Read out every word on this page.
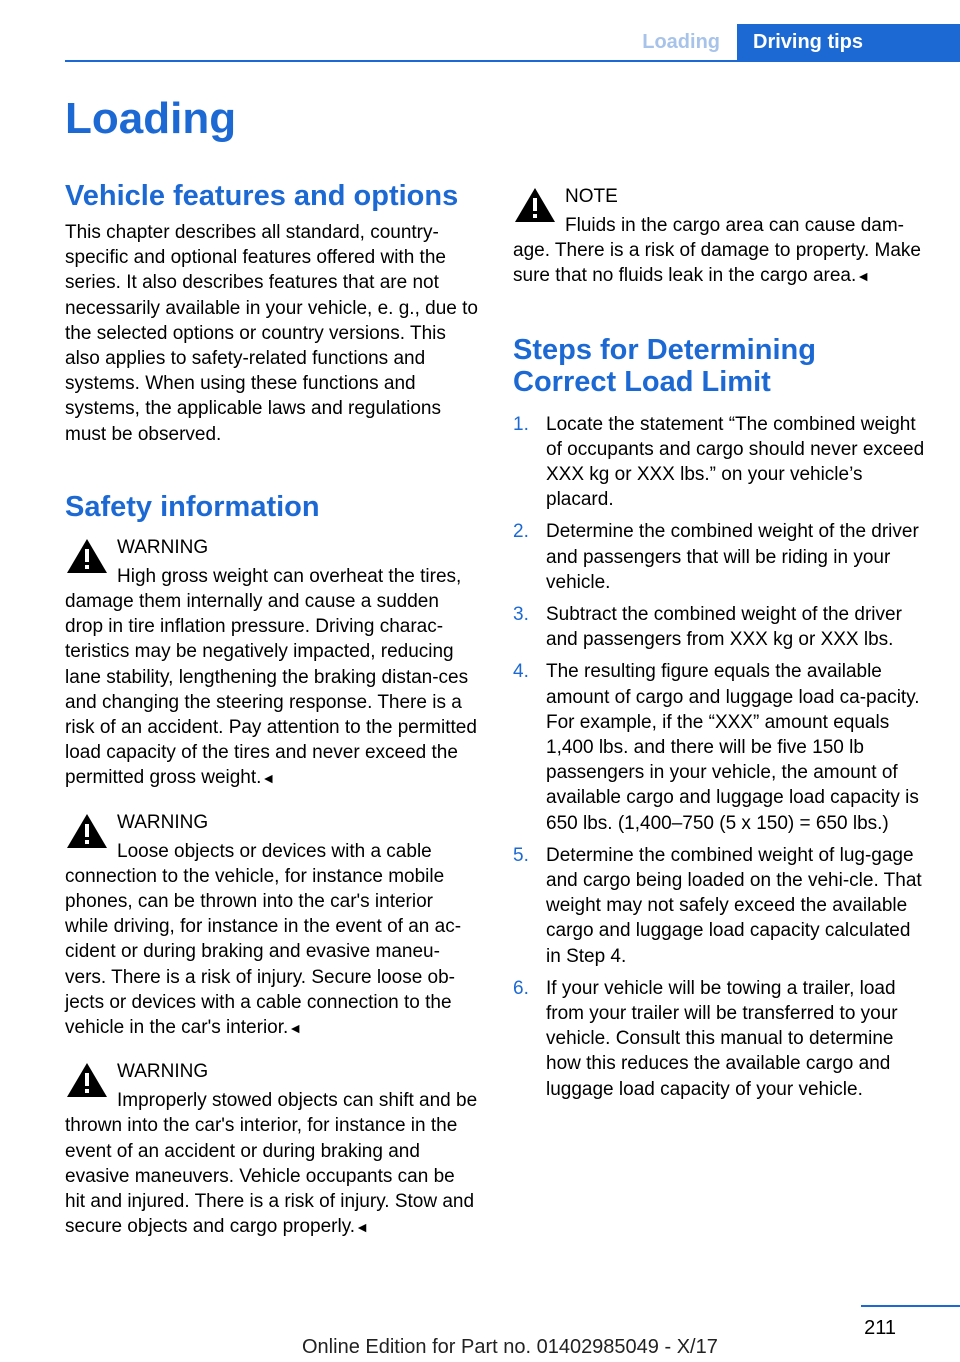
Loading	Driving tips
Loading
Vehicle features and options

This chapter describes all standard, country-specific and optional features offered with the series. It also describes features that are not necessarily available in your vehicle, e. g., due to the selected options or country versions. This also applies to safety-related functions and systems. When using these functions and systems, the applicable laws and regulations must be observed.

Safety information
WARNING
High gross weight can overheat the tires, damage them internally and cause a sudden drop in tire inflation pressure. Driving charac-teristics may be negatively impacted, reducing lane stability, lengthening the braking distan-ces and changing the steering response. There is a risk of an accident. Pay attention to the permitted load capacity of the tires and never exceed the permitted gross weight.◄
WARNING
Loose objects or devices with a cable connection to the vehicle, for instance mobile phones, can be thrown into the car's interior while driving, for instance in the event of an ac-cident or during braking and evasive maneu-vers. There is a risk of injury. Secure loose ob-jects or devices with a cable connection to the vehicle in the car's interior.◄
WARNING
Improperly stowed objects can shift and be thrown into the car's interior, for instance in the event of an accident or during braking and evasive maneuvers. Vehicle occupants can be hit and injured. There is a risk of injury. Stow and secure objects and cargo properly.◄
NOTE
Fluids in the cargo area can cause dam-age. There is a risk of damage to property. Make sure that no fluids leak in the cargo area.◄
Steps for Determining Correct Load Limit
1. Locate the statement “The combined weight of occupants and cargo should never exceed XXX kg or XXX lbs.” on your vehicle’s placard.
2. Determine the combined weight of the driver and passengers that will be riding in your vehicle.
3. Subtract the combined weight of the driver and passengers from XXX kg or XXX lbs.
4. The resulting figure equals the available amount of cargo and luggage load ca-pacity. For example, if the “XXX” amount equals 1,400 lbs. and there will be five 150 lb passengers in your vehicle, the amount of available cargo and luggage load capacity is 650 lbs. (1,400–750 (5 x 150) = 650 lbs.)
5. Determine the combined weight of lug-gage and cargo being loaded on the vehi-cle. That weight may not safely exceed the available cargo and luggage load capacity calculated in Step 4.
6. If your vehicle will be towing a trailer, load from your trailer will be transferred to your vehicle. Consult this manual to determine how this reduces the available cargo and luggage load capacity of your vehicle.
211
Online Edition for Part no. 01402985049 - X/17
